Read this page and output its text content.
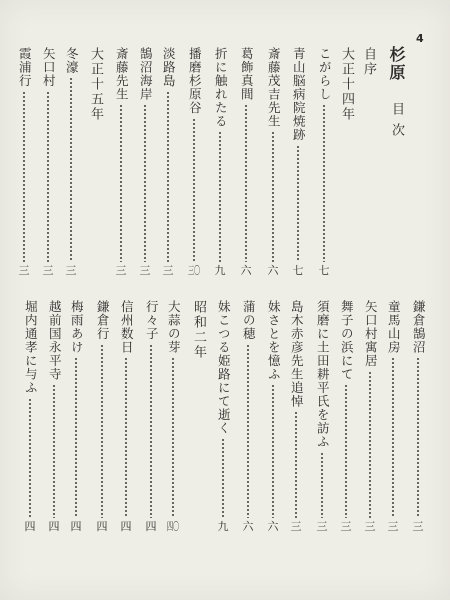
4
杉原 目次
自序
大正十四年
こがらし
七
青山脳病院焼跡
七
斎藤茂吉先生
六
葛飾真間
六
折に触れたる
九
播磨杉原谷
三〇
淡路島
三
鵠沼海岸
三
斎藤先生
三
大正十五年
冬濠
三
矢口村
三
霞浦行
三
鎌倉鵠沼
三
童馬山房
三
矢口村寓居
三
舞子の浜にて
三
須磨に土田耕平氏を訪ふ
三
島木赤彦先生追悼
三
妹さとを憶ふ
六
蒲の穂
六
妹こつる姫路にて逝く
九
昭和二年
大蒜の芽
四〇
行々子
四
信州数日
四
鎌倉行
四
梅雨あけ
四
越前国永平寺
四
堀内通孝に与ふ
四
